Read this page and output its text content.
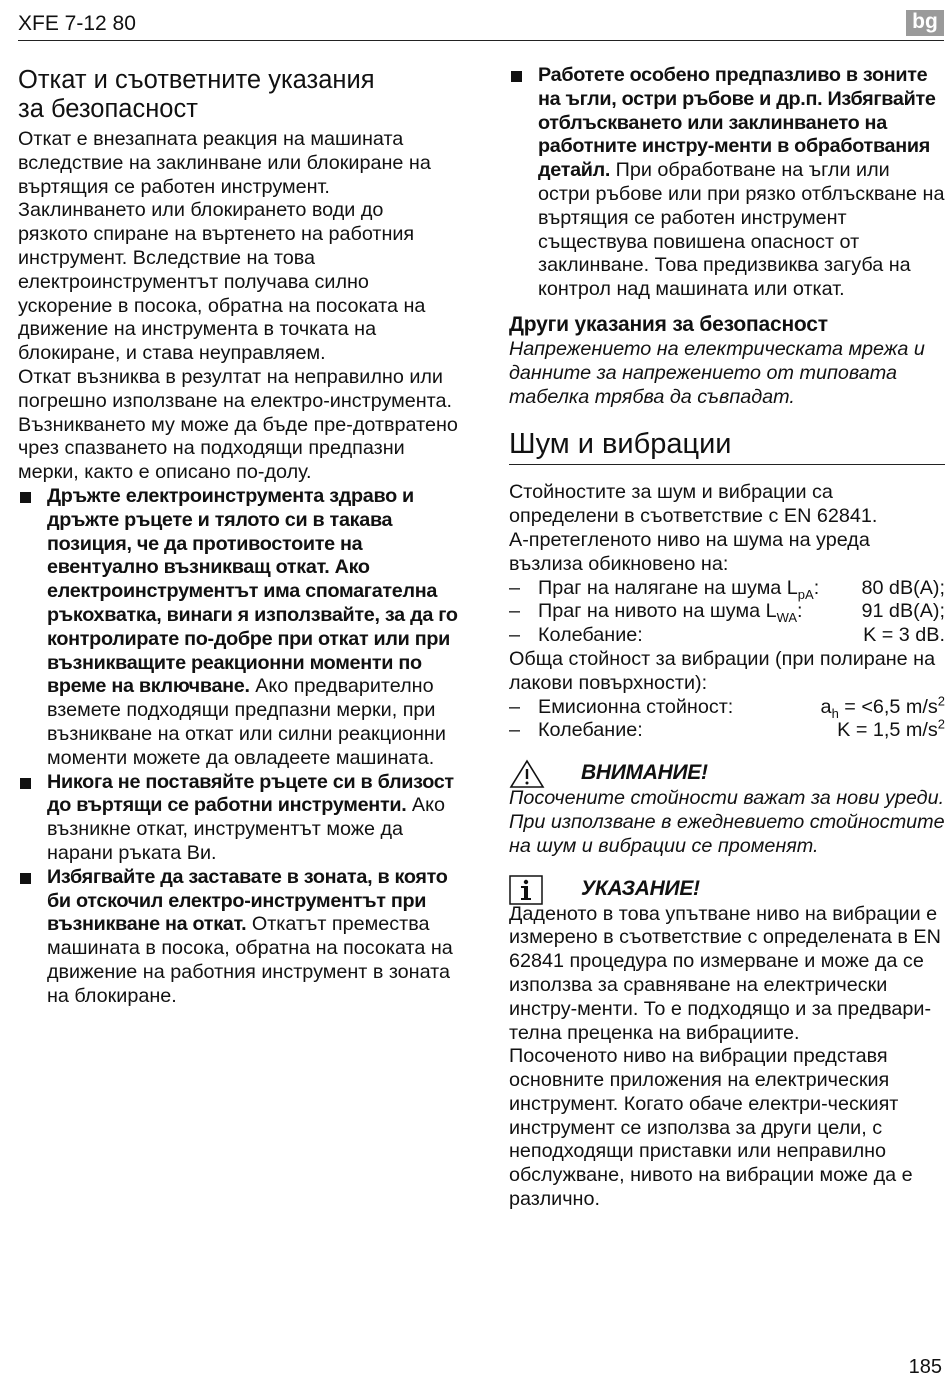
XFE 7-12 80	bg
Откат и съответните указания
за безопасност

Откат е внезапната реакция на машината вследствие на заклинване или блокиране на въртящия се работен инструмент. Заклинването или блокирането води до рязкото спиране на въртенето на работния инструмент. Вследствие на това електроинструментът получава силно ускорение в посока, обратна на посоката на движение на инструмента в точката на блокиране, и става неуправляем.

Откат възниква в резултат на неправилно или погрешно използване на електро-инструмента. Възникването му може да бъде пре-дотвратено чрез спазването на подходящи предпазни мерки, както е описано по-долу.

Дръжте електроинструмента здраво и дръжте ръцете и тялото си в такава позиция, че да противостоите на евентуално възникващ откат. Ако електроинструментът има спомагателна ръкохватка, винаги я използвайте, за да го контролирате по-добре при откат или при възникващите реакционни моменти по време на включване. Ако предварително вземете подходящи предпазни мерки, при възникване на откат или силни реакционни моменти можете да овладеете машината.
Никога не поставяйте ръцете си в близост до въртящи се работни инструменти. Ако възникне откат, инструментът може да нарани ръката Ви.
Избягвайте да заставате в зоната, в която би отскочил електро-инструментът при възникване на откат. Откатът премества машината в посока, обратна на посоката на движение на работния инструмент в зоната на блокиране.
Работете особено предпазливо в зоните на ъгли, остри ръбове и др.п. Избягвайте отблъскването или заклинването на работните инстру-менти в обработвания детайл. При обработване на ъгли или остри ръбове или при рязко отблъскване на въртящия се работен инструмент съществува повишена опасност от заклинване. Това предизвиква загуба на контрол над машината или откат.
Други указания за безопасност

Напрежението на електрическата мрежа и данните за напрежението от типовата табелка трябва да съвпадат.

Шум и вибрации

Стойностите за шум и вибрации са определени в съответствие с EN 62841.

А-претегленото ниво на шума на уреда възлиза обикновено на:

– Праг на налягане на шума $L_{pA}$:	80 dB(A);
– Праг на нивото на шума $L_{WA}$:	91 dB(A);
– Колебание:	K = 3 dB.

Обща стойност за вибрации (при полиране на лакови повърхности):

– Емисионна стойност:	$a_h = <6,5$ $m/s^2$
– Колебание:	K = 1,5 $m/s^2$
ВНИМАНИЕ!

Посочените стойности важат за нови уреди. При използване в ежедневието стойностите на шум и вибрации се променят.

УКАЗАНИЕ!

Даденото в това упътване ниво на вибрации е измерено в съответствие с определената в EN 62841 процедура по измерване и може да се използва за сравняване на електрически инстру-менти. То е подходящо и за предвари-телна преценка на вибрациите.

Посоченото ниво на вибрации представя основните приложения на електрическия инструмент. Когато обаче електри-ческият инструмент се използва за други цели, с неподходящи приставки или неправилно обслужване, нивото на вибрации може да е различно.

185
